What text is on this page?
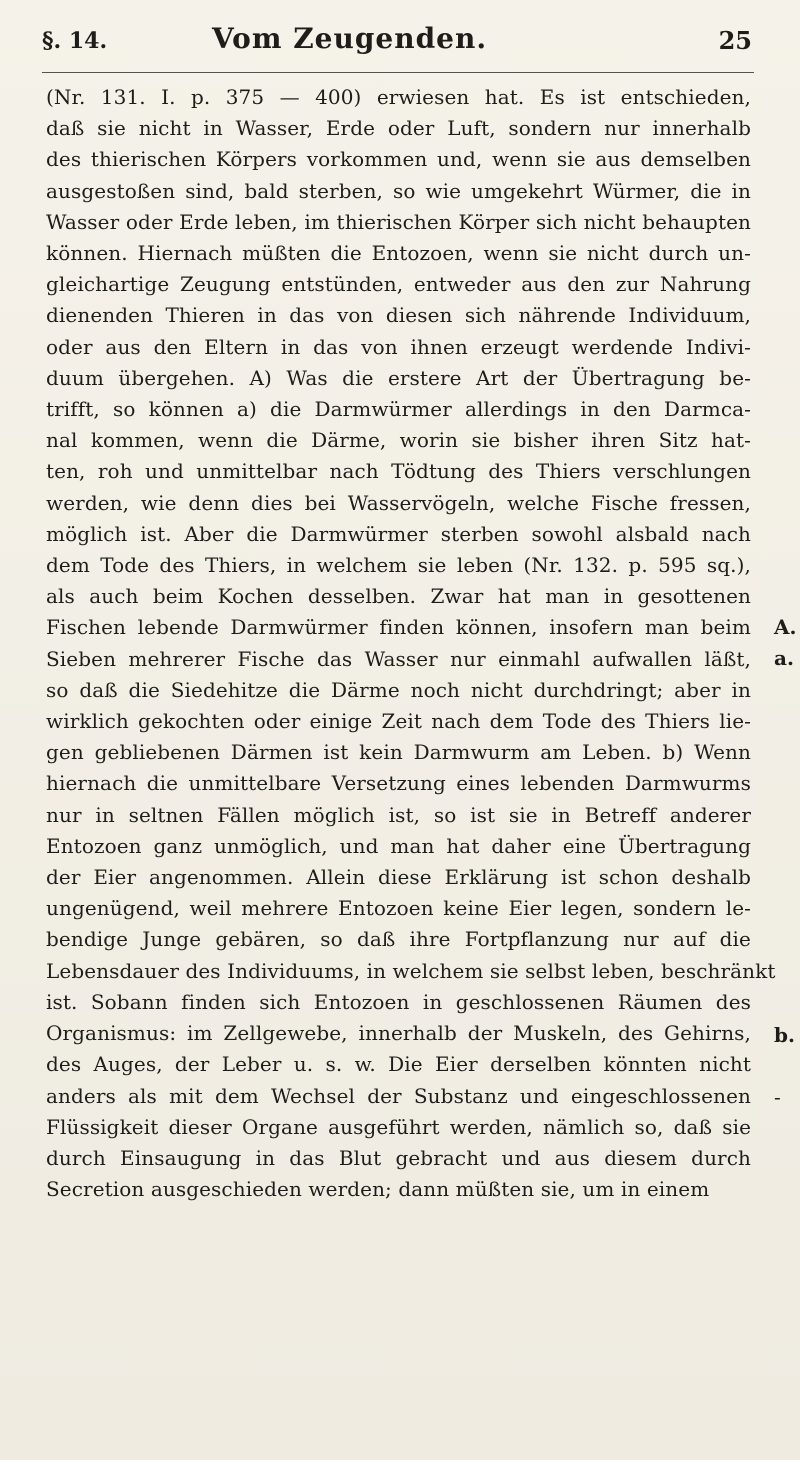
§. 14.	Vom Zeugenden.	25
(Nr. 131. I. p. 375 — 400) erwiesen hat. Es ist entschieden,
daß sie nicht in Wasser, Erde oder Luft, sondern nur innerhalb
des thierischen Körpers vorkommen und, wenn sie aus demselben
ausgestoßen sind, bald sterben, so wie umgekehrt Würmer, die in
Wasser oder Erde leben, im thierischen Körper sich nicht behaupten
können. Hiernach müßten die Entozoen, wenn sie nicht durch un-
gleichartige Zeugung entstünden, entweder aus den zur Nahrung
dienenden Thieren in das von diesen sich nährende Individuum,
oder aus den Eltern in das von ihnen erzeugt werdende Indivi-
duum übergehen. A) Was die erstere Art der Übertragung be-
trifft, so können a) die Darmwürmer allerdings in den Darmca-
nal kommen, wenn die Därme, worin sie bisher ihren Sitz hat-
ten, roh und unmittelbar nach Tödtung des Thiers verschlungen
werden, wie denn dies bei Wasservögeln, welche Fische fressen,
möglich ist. Aber die Darmwürmer sterben sowohl alsbald nach
dem Tode des Thiers, in welchem sie leben (Nr. 132. p. 595 sq.),
als auch beim Kochen desselben. Zwar hat man in gesottenen
Fischen lebende Darmwürmer finden können, insofern man beim
Sieben mehrerer Fische das Wasser nur einmahl aufwallen läßt,
so daß die Siedehitze die Därme noch nicht durchdringt; aber in
wirklich gekochten oder einige Zeit nach dem Tode des Thiers lie-
gen gebliebenen Därmen ist kein Darmwurm am Leben. b) Wenn
hiernach die unmittelbare Versetzung eines lebenden Darmwurms
nur in seltnen Fällen möglich ist, so ist sie in Betreff anderer
Entozoen ganz unmöglich, und man hat daher eine Übertragung
der Eier angenommen. Allein diese Erklärung ist schon deshalb
ungenügend, weil mehrere Entozoen keine Eier legen, sondern le-
bendige Junge gebären, so daß ihre Fortpflanzung nur auf die
Lebensdauer des Individuums, in welchem sie selbst leben, beschränkt
ist. Sobann finden sich Entozoen in geschlossenen Räumen des
Organismus: im Zellgewebe, innerhalb der Muskeln, des Gehirns,
des Auges, der Leber u. s. w. Die Eier derselben könnten nicht
anders als mit dem Wechsel der Substanz und eingeschlossenen
Flüssigkeit dieser Organe ausgeführt werden, nämlich so, daß sie
durch Einsaugung in das Blut gebracht und aus diesem durch
Secretion ausgeschieden werden; dann müßten sie, um in einem
A.
a.
b.
-
